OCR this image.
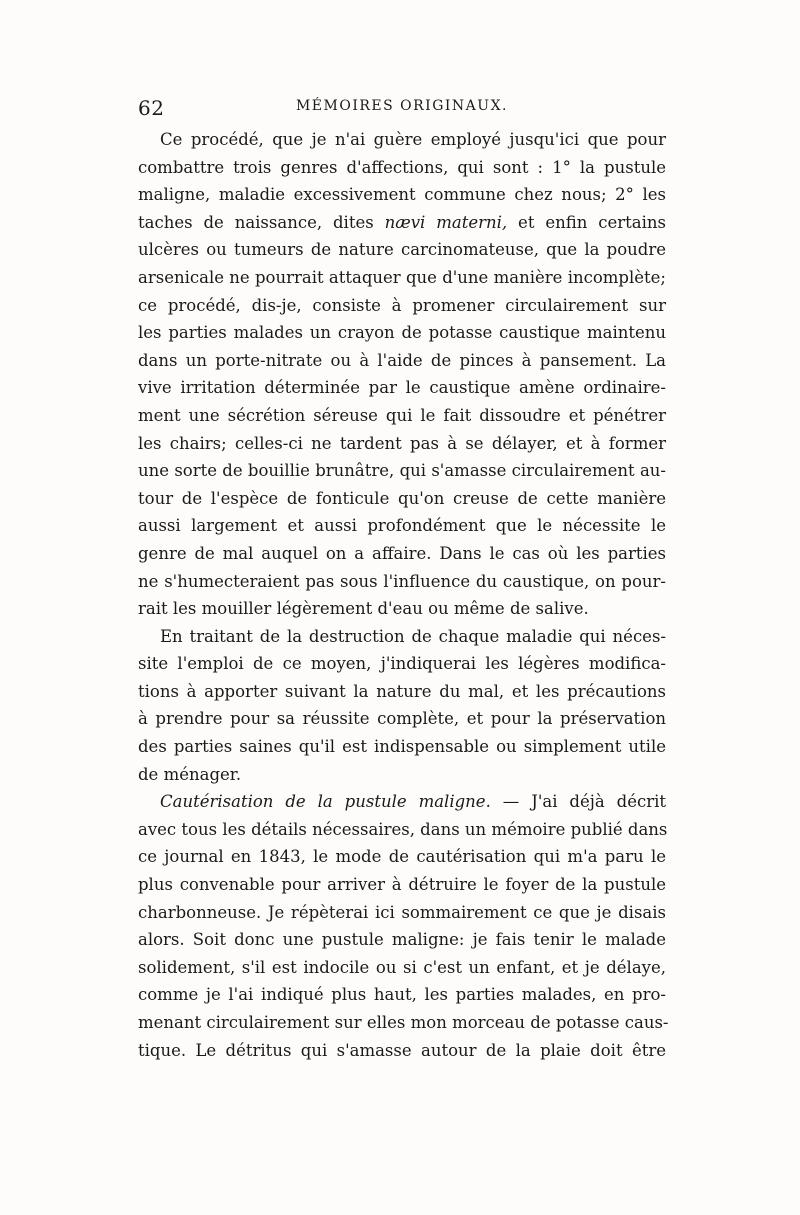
62	MÉMOIRES ORIGINAUX.
Ce procédé, que je n'ai guère employé jusqu'ici que pour
combattre trois genres d'affections, qui sont : 1° la pustule
maligne, maladie excessivement commune chez nous; 2° les
taches de naissance, dites nævi materni, et enfin certains
ulcères ou tumeurs de nature carcinomateuse, que la poudre
arsenicale ne pourrait attaquer que d'une manière incomplète;
ce procédé, dis-je, consiste à promener circulairement sur
les parties malades un crayon de potasse caustique maintenu
dans un porte-nitrate ou à l'aide de pinces à pansement. La
vive irritation déterminée par le caustique amène ordinaire-
ment une sécrétion séreuse qui le fait dissoudre et pénétrer
les chairs; celles-ci ne tardent pas à se délayer, et à former
une sorte de bouillie brunâtre, qui s'amasse circulairement au-
tour de l'espèce de fonticule qu'on creuse de cette manière
aussi largement et aussi profondément que le nécessite le
genre de mal auquel on a affaire. Dans le cas où les parties
ne s'humecteraient pas sous l'influence du caustique, on pour-
rait les mouiller légèrement d'eau ou même de salive.
En traitant de la destruction de chaque maladie qui néces-
site l'emploi de ce moyen, j'indiquerai les légères modifica-
tions à apporter suivant la nature du mal, et les précautions
à prendre pour sa réussite complète, et pour la préservation
des parties saines qu'il est indispensable ou simplement utile
de ménager.
Cautérisation de la pustule maligne. — J'ai déjà décrit
avec tous les détails nécessaires, dans un mémoire publié dans
ce journal en 1843, le mode de cautérisation qui m'a paru le
plus convenable pour arriver à détruire le foyer de la pustule
charbonneuse. Je répèterai ici sommairement ce que je disais
alors. Soit donc une pustule maligne: je fais tenir le malade
solidement, s'il est indocile ou si c'est un enfant, et je délaye,
comme je l'ai indiqué plus haut, les parties malades, en pro-
menant circulairement sur elles mon morceau de potasse caus-
tique. Le détritus qui s'amasse autour de la plaie doit être
